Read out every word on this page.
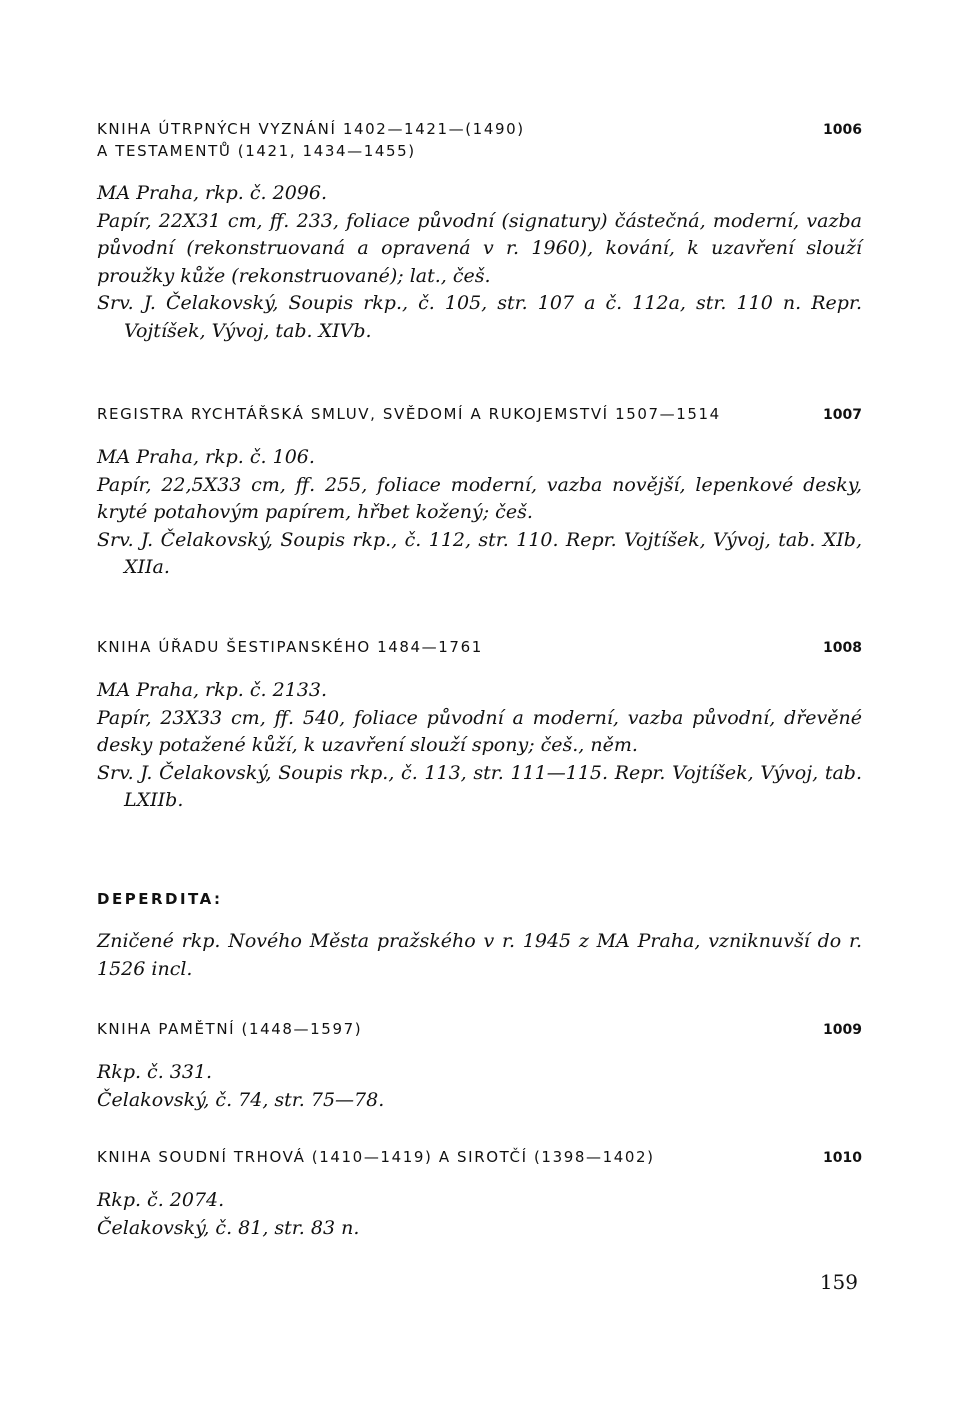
KNIHA ÚTRPNÝCH VYZNÁNÍ 1402—1421—(1490)
A TESTAMENTŮ (1421, 1434—1455)
1006

MA Praha, rkp. č. 2096.

Papír, 22X31 cm, ff. 233, foliace původní (signatury) částečná, moderní, vazba původní (rekonstruovaná a opravená v r. 1960), kování, k uzavření slouží proužky kůže (rekonstruované); lat., češ.

Srv. J. Čelakovský, Soupis rkp., č. 105, str. 107 a č. 112a, str. 110 n. Repr. Vojtíšek, Vývoj, tab. XIVb.

REGISTRA RYCHTÁŘSKÁ SMLUV, SVĚDOMÍ A RUKOJEMSTVÍ 1507—1514	1007

MA Praha, rkp. č. 106.

Papír, 22,5X33 cm, ff. 255, foliace moderní, vazba novější, lepenkové desky, kryté potahovým papírem, hřbet kožený; češ.

Srv. J. Čelakovský, Soupis rkp., č. 112, str. 110. Repr. Vojtíšek, Vývoj, tab. XIb, XIIa.

KNIHA ÚŘADU ŠESTIPANSKÉHO 1484—1761	1008

MA Praha, rkp. č. 2133.

Papír, 23X33 cm, ff. 540, foliace původní a moderní, vazba původní, dřevěné desky potažené kůží, k uzavření slouží spony; češ., něm.

Srv. J. Čelakovský, Soupis rkp., č. 113, str. 111—115. Repr. Vojtíšek, Vývoj, tab. LXIIb.

DEPERDITA:
Zničené rkp. Nového Města pražského v r. 1945 z MA Praha, vzniknuvší do r. 1526 incl.
KNIHA PAMĚTNÍ (1448—1597)	1009

Rkp. č. 331.

Čelakovský, č. 74, str. 75—78.

KNIHA SOUDNÍ TRHOVÁ (1410—1419) A SIROTČÍ (1398—1402)	1010

Rkp. č. 2074.

Čelakovský, č. 81, str. 83 n.

159
